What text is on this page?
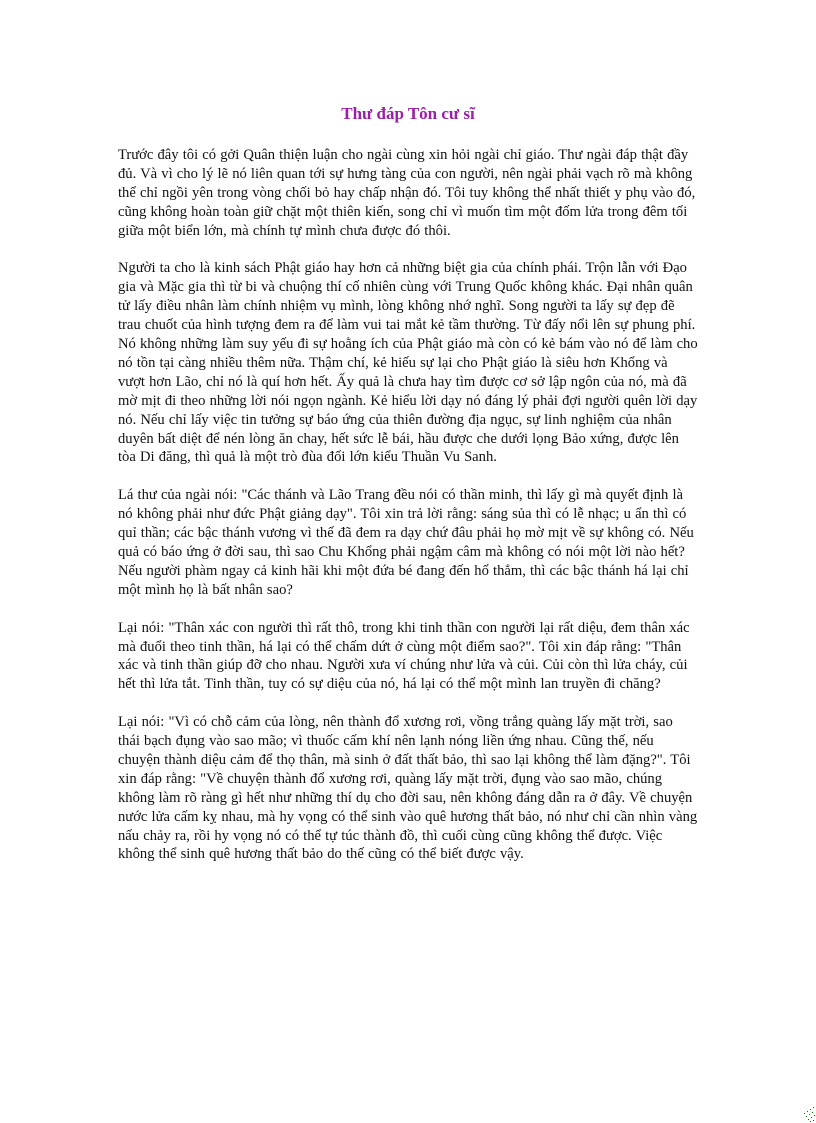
Thư đáp Tôn cư sĩ

Trước đây tôi có gởi Quân thiện luận cho ngài cùng xin hỏi ngài chỉ giáo. Thư ngài đáp thật đầy đủ. Và vì cho lý lẽ nó liên quan tới sự hưng tàng của con người, nên ngài phải vạch rõ mà không thể chỉ ngồi yên trong vòng chối bỏ hay chấp nhận đó. Tôi tuy không thể nhất thiết y phụ vào đó, cũng không hoàn toàn giữ chặt một thiên kiến, song chỉ vì muốn tìm một đốm lửa trong đêm tối giữa một biển lớn, mà chính tự mình chưa được đó thôi.

Người ta cho là kinh sách Phật giáo hay hơn cả những biệt gia của chính phái. Trộn lẫn với Đạo gia và Mặc gia thì từ bi và chuộng thí cố nhiên cùng với Trung Quốc không khác. Đại nhân quân tử lấy điều nhân làm chính nhiệm vụ mình, lòng không nhớ nghĩ. Song người ta lấy sự đẹp đẽ trau chuốt của hình tượng đem ra để làm vui tai mắt kẻ tầm thường. Từ đấy nổi lên sự phung phí. Nó không những làm suy yếu đi sự hoằng ích của Phật giáo mà còn có kẻ bám vào nó để làm cho nó tồn tại càng nhiều thêm nữa. Thậm chí, kẻ hiếu sự lại cho Phật giáo là siêu hơn Khổng và vượt hơn Lão, chỉ nó là quí hơn hết. Ấy quả là chưa hay tìm được cơ sở lập ngôn của nó, mà đã mờ mịt đi theo những lời nói ngọn ngành. Kẻ hiểu lời dạy nó đáng lý phải đợi người quên lời dạy nó. Nếu chỉ lấy việc tin tưởng sự báo ứng của thiên đường địa ngục, sự linh nghiệm của nhân duyên bất diệt để nén lòng ăn chay, hết sức lễ bái, hầu được che dưới lọng Bảo xứng, được lên tòa Di đăng, thì quả là một trò đùa đối lớn kiểu Thuần Vu Sanh.

Lá thư của ngài nói: "Các thánh và Lão Trang đều nói có thần minh, thì lấy gì mà quyết định là nó không phải như đức Phật giảng dạy". Tôi xin trả lời rằng: sáng sủa thì có lễ nhạc; u ẩn thì có quỉ thần; các bậc thánh vương vì thế đã đem ra dạy chứ đâu phải họ mờ mịt về sự không có. Nếu quả có báo ứng ở đời sau, thì sao Chu Khổng phải ngậm câm mà không có nói một lời nào hết? Nếu người phàm ngay cả kinh hãi khi một đứa bé đang đến hố thẳm, thì các bậc thánh há lại chỉ một mình họ là bất nhân sao?

Lại nói: "Thân xác con người thì rất thô, trong khi tinh thần con người lại rất diệu, đem thân xác mà đuổi theo tinh thần, há lại có thể chấm dứt ở cùng một điểm sao?". Tôi xin đáp rằng: "Thân xác và tinh thần giúp đỡ cho nhau. Người xưa ví chúng như lửa và củi. Củi còn thì lửa cháy, củi hết thì lửa tắt. Tinh thần, tuy có sự diệu của nó, há lại có thể một mình lan truyền đi chăng?

Lại nói: "Vì có chỗ cảm của lòng, nên thành đổ xương rơi, vồng trắng quàng lấy mặt trời, sao thái bạch đụng vào sao mão; vì thuốc cấm khí nên lạnh nóng liền ứng nhau. Cũng thế, nếu chuyện thành diệu cảm để thọ thân, mà sinh ở đất thất bảo, thì sao lại không thể làm đặng?". Tôi xin đáp rằng: "Về chuyện thành đổ xương rơi, quàng lấy mặt trời, đụng vào sao mão, chúng không làm rõ ràng gì hết như những thí dụ cho đời sau, nên không đáng dẫn ra ở đây. Về chuyện nước lửa cấm kỵ nhau, mà hy vọng có thể sinh vào quê hương thất bảo, nó như chỉ cần nhìn vàng nấu chảy ra, rồi hy vọng nó có thể tự túc thành đồ, thì cuối cùng cũng không thể được. Việc không thể sinh quê hương thất bảo do thế cũng có thể biết được vậy.
